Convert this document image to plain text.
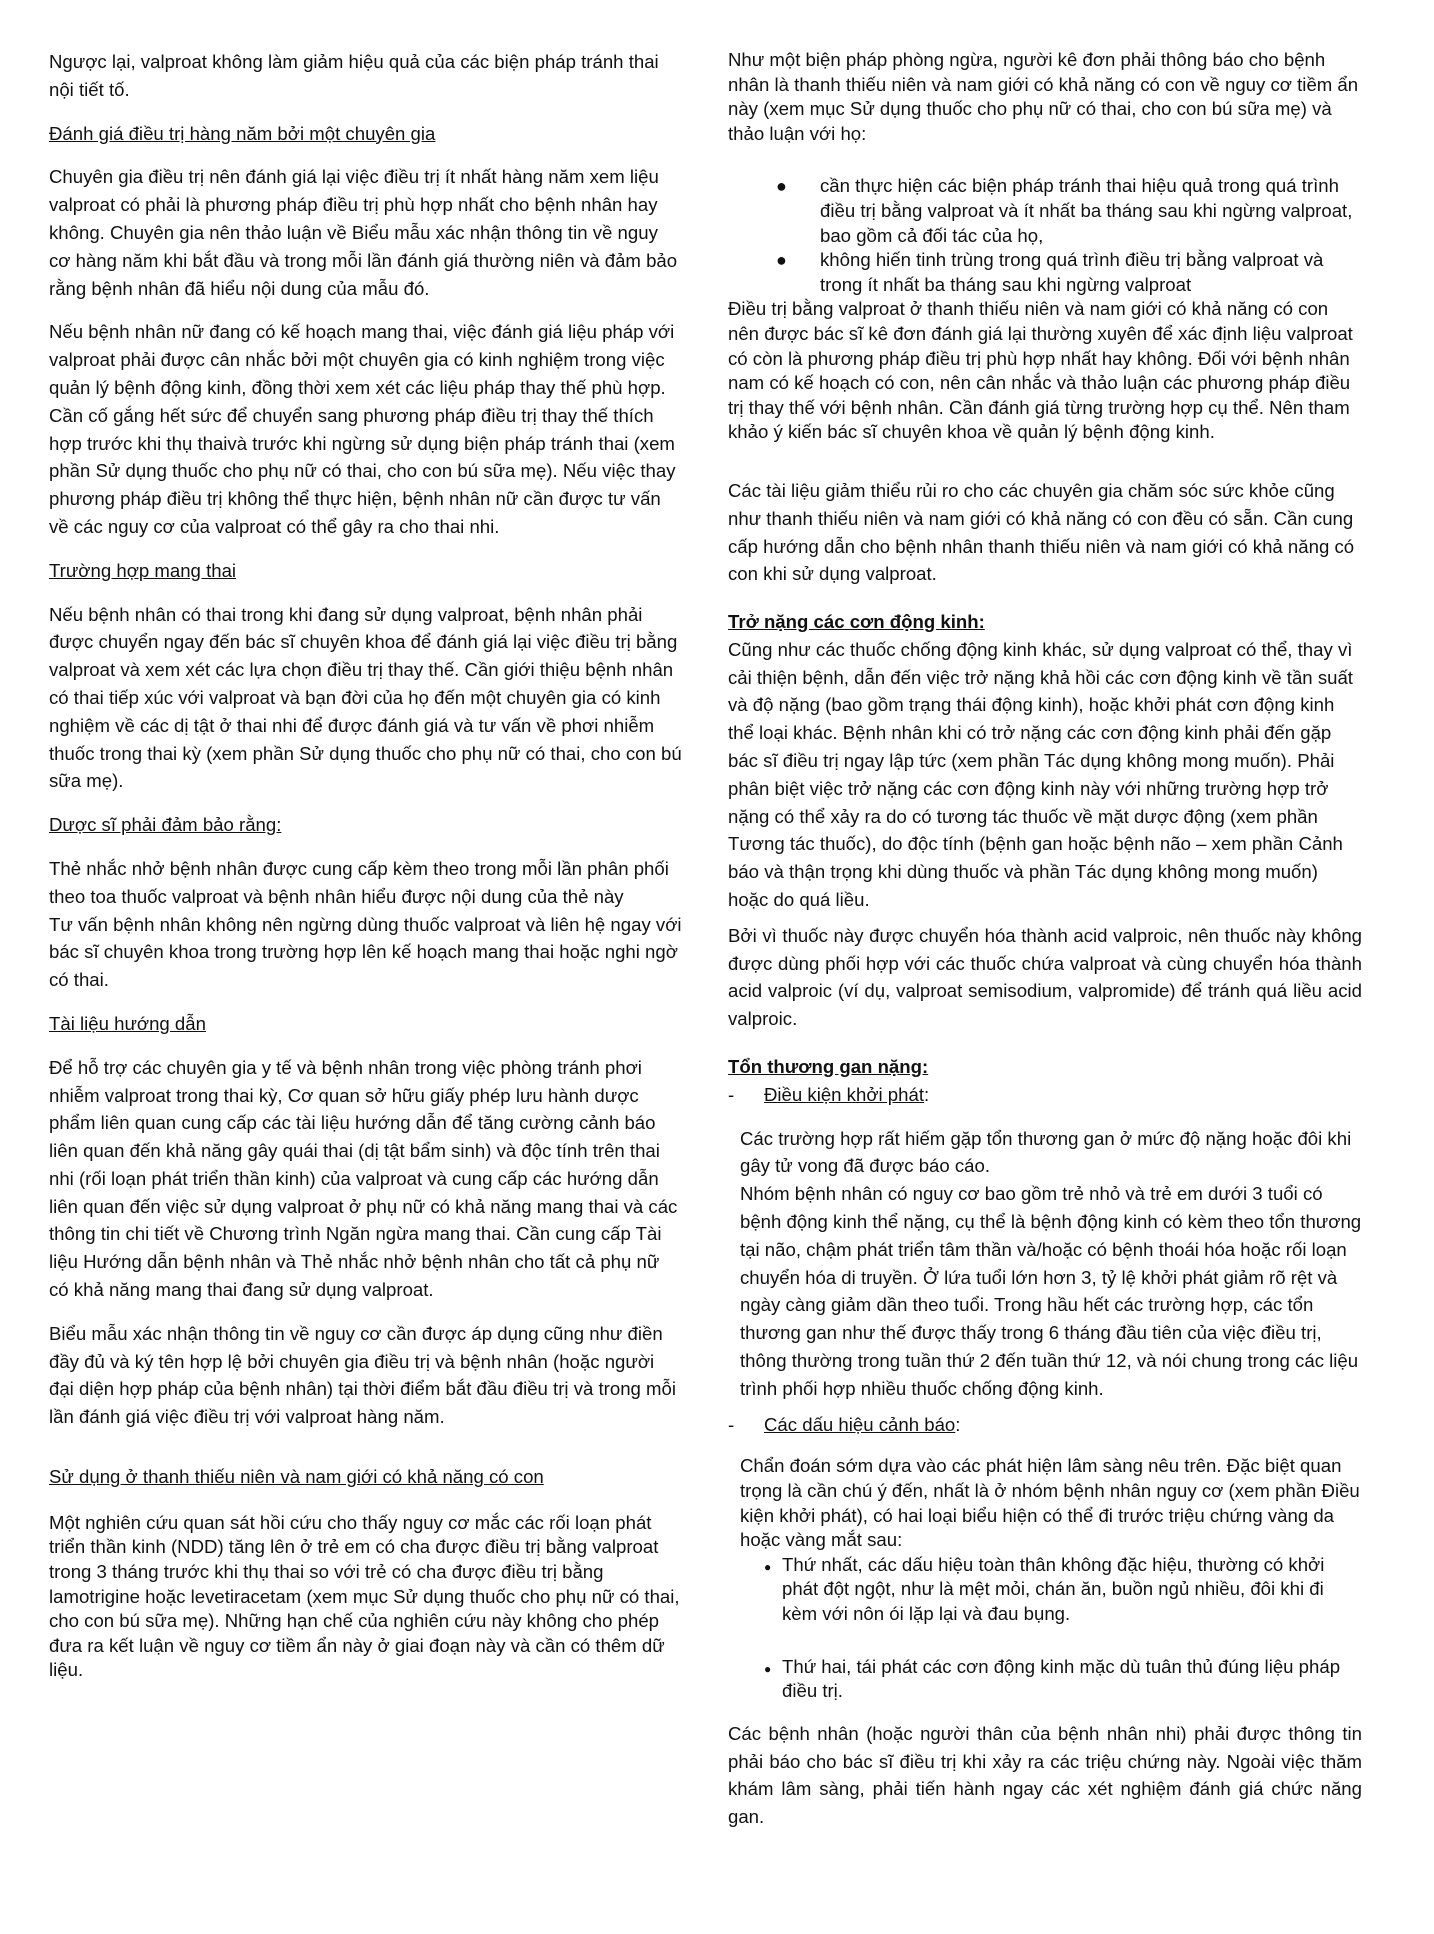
Ngược lại, valproat không làm giảm hiệu quả của các biện pháp tránh thai nội tiết tố.

Đánh giá điều trị hàng năm bởi một chuyên gia

Chuyên gia điều trị nên đánh giá lại việc điều trị ít nhất hàng năm xem liệu valproat có phải là phương pháp điều trị phù hợp nhất cho bệnh nhân hay không. Chuyên gia nên thảo luận về Biểu mẫu xác nhận thông tin về nguy cơ hàng năm khi bắt đầu và trong mỗi lần đánh giá thường niên và đảm bảo rằng bệnh nhân đã hiểu nội dung của mẫu đó.

Nếu bệnh nhân nữ đang có kế hoạch mang thai, việc đánh giá liệu pháp với valproat phải được cân nhắc bởi một chuyên gia có kinh nghiệm trong việc quản lý bệnh động kinh, đồng thời xem xét các liệu pháp thay thế phù hợp. Cần cố gắng hết sức để chuyển sang phương pháp điều trị thay thế thích hợp trước khi thụ thaivà trước khi ngừng sử dụng biện pháp tránh thai (xem phần Sử dụng thuốc cho phụ nữ có thai, cho con bú sữa mẹ). Nếu việc thay phương pháp điều trị không thể thực hiện, bệnh nhân nữ cần được tư vấn về các nguy cơ của valproat có thể gây ra cho thai nhi.

Trường hợp mang thai

Nếu bệnh nhân có thai trong khi đang sử dụng valproat, bệnh nhân phải được chuyển ngay đến bác sĩ chuyên khoa để đánh giá lại việc điều trị bằng valproat và xem xét các lựa chọn điều trị thay thế. Cần giới thiệu bệnh nhân có thai tiếp xúc với valproat và bạn đời của họ đến một chuyên gia có kinh nghiệm về các dị tật ở thai nhi để được đánh giá và tư vấn về phơi nhiễm thuốc trong thai kỳ (xem phần Sử dụng thuốc cho phụ nữ có thai, cho con bú sữa mẹ).

Dược sĩ phải đảm bảo rằng:

Thẻ nhắc nhở bệnh nhân được cung cấp kèm theo trong mỗi lần phân phối theo toa thuốc valproat và bệnh nhân hiểu được nội dung của thẻ này

Tư vấn bệnh nhân không nên ngừng dùng thuốc valproat và liên hệ ngay với bác sĩ chuyên khoa trong trường hợp lên kế hoạch mang thai hoặc nghi ngờ có thai.

Tài liệu hướng dẫn

Để hỗ trợ các chuyên gia y tế và bệnh nhân trong việc phòng tránh phơi nhiễm valproat trong thai kỳ, Cơ quan sở hữu giấy phép lưu hành dược phẩm liên quan cung cấp các tài liệu hướng dẫn để tăng cường cảnh báo liên quan đến khả năng gây quái thai (dị tật bẩm sinh) và độc tính trên thai nhi (rối loạn phát triển thần kinh) của valproat và cung cấp các hướng dẫn liên quan đến việc sử dụng valproat ở phụ nữ có khả năng mang thai và các thông tin chi tiết về Chương trình Ngăn ngừa mang thai. Cần cung cấp Tài liệu Hướng dẫn bệnh nhân và Thẻ nhắc nhở bệnh nhân cho tất cả phụ nữ có khả năng mang thai đang sử dụng valproat.

Biểu mẫu xác nhận thông tin về nguy cơ cần được áp dụng cũng như điền đầy đủ và ký tên hợp lệ bởi chuyên gia điều trị và bệnh nhân (hoặc người đại diện hợp pháp của bệnh nhân) tại thời điểm bắt đầu điều trị và trong mỗi lần đánh giá việc điều trị với valproat hàng năm.

Sử dụng ở thanh thiếu niên và nam giới có khả năng có con

Một nghiên cứu quan sát hồi cứu cho thấy nguy cơ mắc các rối loạn phát triển thần kinh (NDD) tăng lên ở trẻ em có cha được điều trị bằng valproat trong 3 tháng trước khi thụ thai so với trẻ có cha được điều trị bằng lamotrigine hoặc levetiracetam (xem mục Sử dụng thuốc cho phụ nữ có thai, cho con bú sữa mẹ). Những hạn chế của nghiên cứu này không cho phép đưa ra kết luận về nguy cơ tiềm ẩn này ở giai đoạn này và cần có thêm dữ liệu.

Như một biện pháp phòng ngừa, người kê đơn phải thông báo cho bệnh nhân là thanh thiếu niên và nam giới có khả năng có con về nguy cơ tiềm ẩn này (xem mục Sử dụng thuốc cho phụ nữ có thai, cho con bú sữa mẹ) và thảo luận với họ:

● cần thực hiện các biện pháp tránh thai hiệu quả trong quá trình điều trị bằng valproat và ít nhất ba tháng sau khi ngừng valproat, bao gồm cả đối tác của họ,
● không hiến tinh trùng trong quá trình điều trị bằng valproat và trong ít nhất ba tháng sau khi ngừng valproat

Điều trị bằng valproat ở thanh thiếu niên và nam giới có khả năng có con nên được bác sĩ kê đơn đánh giá lại thường xuyên để xác định liệu valproat có còn là phương pháp điều trị phù hợp nhất hay không. Đối với bệnh nhân nam có kế hoạch có con, nên cân nhắc và thảo luận các phương pháp điều trị thay thế với bệnh nhân. Cần đánh giá từng trường hợp cụ thể. Nên tham khảo ý kiến bác sĩ chuyên khoa về quản lý bệnh động kinh.

Các tài liệu giảm thiểu rủi ro cho các chuyên gia chăm sóc sức khỏe cũng như thanh thiếu niên và nam giới có khả năng có con đều có sẵn. Cần cung cấp hướng dẫn cho bệnh nhân thanh thiếu niên và nam giới có khả năng có con khi sử dụng valproat.

Trở nặng các cơn động kinh:

Cũng như các thuốc chống động kinh khác, sử dụng valproat có thể, thay vì cải thiện bệnh, dẫn đến việc trở nặng khả hồi các cơn động kinh về tần suất và độ nặng (bao gồm trạng thái động kinh), hoặc khởi phát cơn động kinh thể loại khác. Bệnh nhân khi có trở nặng các cơn động kinh phải đến gặp bác sĩ điều trị ngay lập tức (xem phần Tác dụng không mong muốn). Phải phân biệt việc trở nặng các cơn động kinh này với những trường hợp trở nặng có thể xảy ra do có tương tác thuốc về mặt dược động (xem phần Tương tác thuốc), do độc tính (bệnh gan hoặc bệnh não – xem phần Cảnh báo và thận trọng khi dùng thuốc và phần Tác dụng không mong muốn) hoặc do quá liều.

Bởi vì thuốc này được chuyển hóa thành acid valproic, nên thuốc này không được dùng phối hợp với các thuốc chứa valproat và cùng chuyển hóa thành acid valproic (ví dụ, valproat semisodium, valpromide) để tránh quá liều acid valproic.

Tổn thương gan nặng:

- Điều kiện khởi phát:

Các trường hợp rất hiếm gặp tổn thương gan ở mức độ nặng hoặc đôi khi gây tử vong đã được báo cáo.

Nhóm bệnh nhân có nguy cơ bao gồm trẻ nhỏ và trẻ em dưới 3 tuổi có bệnh động kinh thể nặng, cụ thể là bệnh động kinh có kèm theo tổn thương tại não, chậm phát triển tâm thần và/hoặc có bệnh thoái hóa hoặc rối loạn chuyển hóa di truyền. Ở lứa tuổi lớn hơn 3, tỷ lệ khởi phát giảm rõ rệt và ngày càng giảm dần theo tuổi. Trong hầu hết các trường hợp, các tổn thương gan như thế được thấy trong 6 tháng đầu tiên của việc điều trị, thông thường trong tuần thứ 2 đến tuần thứ 12, và nói chung trong các liệu trình phối hợp nhiều thuốc chống động kinh.

- Các dấu hiệu cảnh báo:

Chẩn đoán sớm dựa vào các phát hiện lâm sàng nêu trên. Đặc biệt quan trọng là cần chú ý đến, nhất là ở nhóm bệnh nhân nguy cơ (xem phần Điều kiện khởi phát), có hai loại biểu hiện có thể đi trước triệu chứng vàng da hoặc vàng mắt sau:

● Thứ nhất, các dấu hiệu toàn thân không đặc hiệu, thường có khởi phát đột ngột, như là mệt mỏi, chán ăn, buồn ngủ nhiều, đôi khi đi kèm với nôn ói lặp lại và đau bụng.
● Thứ hai, tái phát các cơn động kinh mặc dù tuân thủ đúng liệu pháp điều trị.

Các bệnh nhân (hoặc người thân của bệnh nhân nhi) phải được thông tin phải báo cho bác sĩ điều trị khi xảy ra các triệu chứng này. Ngoài việc thăm khám lâm sàng, phải tiến hành ngay các xét nghiệm đánh giá chức năng gan.
